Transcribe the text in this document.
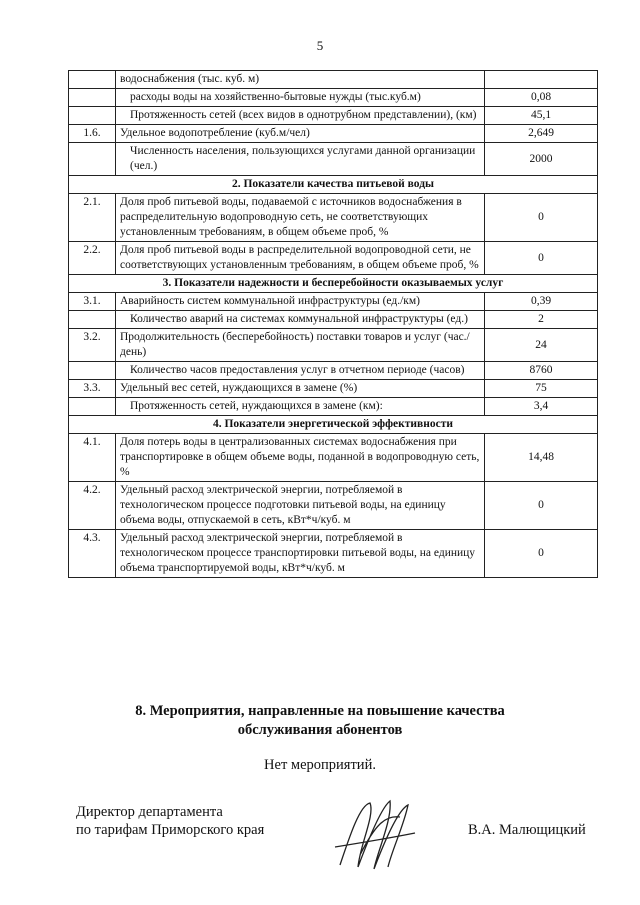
5
	водоснабжения (тыс. куб. м)	
	расходы воды на хозяйственно-бытовые нужды (тыс.куб.м)	0,08
	Протяженность сетей (всех видов в однотрубном представлении), (км)	45,1
1.6.	Удельное водопотребление (куб.м/чел)	2,649
	Численность населения, пользующихся услугами данной организации (чел.)	2000
2. Показатели качества питьевой воды		
2.1.	Доля проб питьевой воды, подаваемой с источников водоснабжения в распределительную водопроводную сеть, не соответствующих установленным требованиям, в общем объеме проб, %	0
2.2.	Доля проб питьевой воды в распределительной водопроводной сети, не соответствующих установленным требованиям, в общем объеме проб, %	0
3. Показатели надежности и бесперебойности оказываемых услуг		
3.1.	Аварийность систем коммунальной инфраструктуры (ед./км)	0,39
	Количество аварий на системах коммунальной инфраструктуры (ед.)	2
3.2.	Продолжительность (бесперебойность) поставки товаров и услуг (час./день)	24
	Количество часов предоставления услуг в отчетном периоде (часов)	8760
3.3.	Удельный вес сетей, нуждающихся в замене (%)	75
	Протяженность сетей, нуждающихся в замене (км):	3,4
4. Показатели энергетической эффективности		
4.1.	Доля потерь воды в централизованных системах водоснабжения при транспортировке в общем объеме воды, поданной в водопроводную сеть, %	14,48
4.2.	Удельный расход электрической энергии, потребляемой в технологическом процессе подготовки питьевой воды, на единицу объема воды, отпускаемой в сеть, кВт*ч/куб. м	0
4.3.	Удельный расход электрической энергии, потребляемой в технологическом процессе транспортировки питьевой воды, на единицу объема транспортируемой воды, кВт*ч/куб. м	0
8. Мероприятия, направленные на повышение качества
обслуживания абонентов
Нет мероприятий.
Директор департамента
по тарифам Приморского края	В.А. Малющицкий
